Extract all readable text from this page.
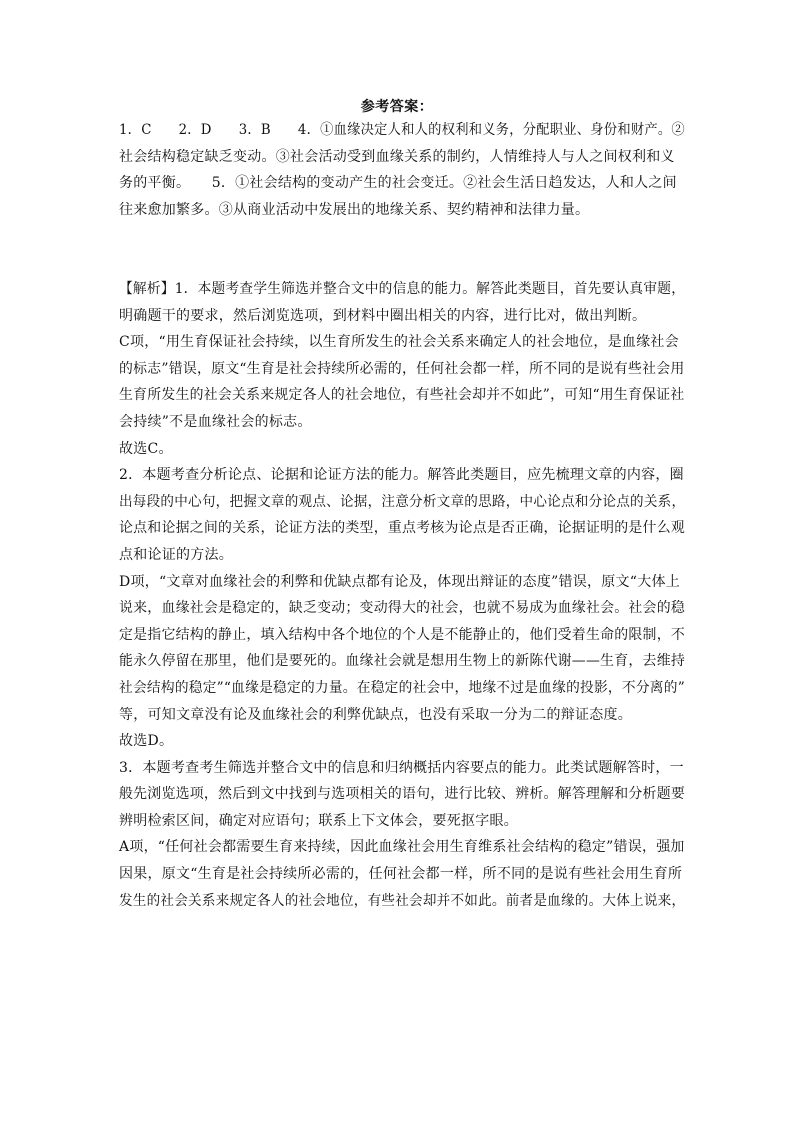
参考答案：
1．C　　2．D　　3．B　　4．①血缘决定人和人的权利和义务，分配职业、身份和财产。②
社会结构稳定缺乏变动。③社会活动受到血缘关系的制约，人情维持人与人之间权利和义
务的平衡。　　5．①社会结构的变动产生的社会变迁。②社会生活日趋发达，人和人之间
往来愈加繁多。③从商业活动中发展出的地缘关系、契约精神和法律力量。
【解析】1．本题考查学生筛选并整合文中的信息的能力。解答此类题目，首先要认真审题，
明确题干的要求，然后浏览选项，到材料中圈出相关的内容，进行比对，做出判断。
C项，“用生育保证社会持续，以生育所发生的社会关系来确定人的社会地位，是血缘社会
的标志”错误，原文“生育是社会持续所必需的，任何社会都一样，所不同的是说有些社会用
生育所发生的社会关系来规定各人的社会地位，有些社会却并不如此”，可知“用生育保证社
会持续”不是血缘社会的标志。
故选C。
2．本题考查分析论点、论据和论证方法的能力。解答此类题目，应先梳理文章的内容，圈
出每段的中心句，把握文章的观点、论据，注意分析文章的思路，中心论点和分论点的关系，
论点和论据之间的关系，论证方法的类型，重点考核为论点是否正确，论据证明的是什么观
点和论证的方法。
D项，“文章对血缘社会的利弊和优缺点都有论及，体现出辩证的态度”错误，原文“大体上
说来，血缘社会是稳定的，缺乏变动；变动得大的社会，也就不易成为血缘社会。社会的稳
定是指它结构的静止，填入结构中各个地位的个人是不能静止的，他们受着生命的限制，不
能永久停留在那里，他们是要死的。血缘社会就是想用生物上的新陈代谢——生育，去维持
社会结构的稳定”“血缘是稳定的力量。在稳定的社会中，地缘不过是血缘的投影，不分离的”
等，可知文章没有论及血缘社会的利弊优缺点，也没有采取一分为二的辩证态度。
故选D。
3．本题考查考生筛选并整合文中的信息和归纳概括内容要点的能力。此类试题解答时，一
般先浏览选项，然后到文中找到与选项相关的语句，进行比较、辨析。解答理解和分析题要
辨明检索区间，确定对应语句；联系上下文体会，要死抠字眼。
A项，“任何社会都需要生育来持续，因此血缘社会用生育维系社会结构的稳定”错误，强加
因果，原文“生育是社会持续所必需的，任何社会都一样，所不同的是说有些社会用生育所
发生的社会关系来规定各人的社会地位，有些社会却并不如此。前者是血缘的。大体上说来，
